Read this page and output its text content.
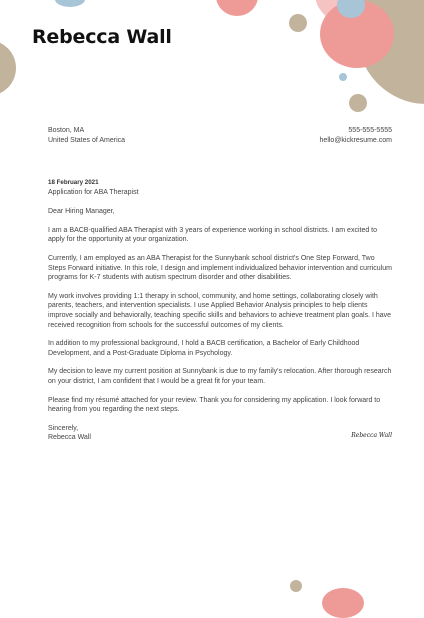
Rebecca Wall
Boston, MA
United States of America
555-555-5555
hello@kickresume.com
18 February 2021
Application for ABA Therapist

Dear Hiring Manager,

I am a BACB-qualified ABA Therapist with 3 years of experience working in school districts. I am excited to apply for the opportunity at your organization.

Currently, I am employed as an ABA Therapist for the Sunnybank school district's One Step Forward, Two Steps Forward initiative. In this role, I design and implement individualized behavior intervention and curriculum programs for K-7 students with autism spectrum disorder and other disabilities.

My work involves providing 1:1 therapy in school, community, and home settings, collaborating closely with parents, teachers, and intervention specialists. I use Applied Behavior Analysis principles to help clients improve socially and behaviorally, teaching specific skills and behaviors to achieve treatment plan goals. I have received recognition from schools for the successful outcomes of my clients.

In addition to my professional background, I hold a BACB certification, a Bachelor of Early Childhood Development, and a Post-Graduate Diploma in Psychology.

My decision to leave my current position at Sunnybank is due to my family's relocation. After thorough research on your district, I am confident that I would be a great fit for your team.

Please find my résumé attached for your review. Thank you for considering my application. I look forward to hearing from you regarding the next steps.

Sincerely,
Rebecca Wall	Rebecca Wall
